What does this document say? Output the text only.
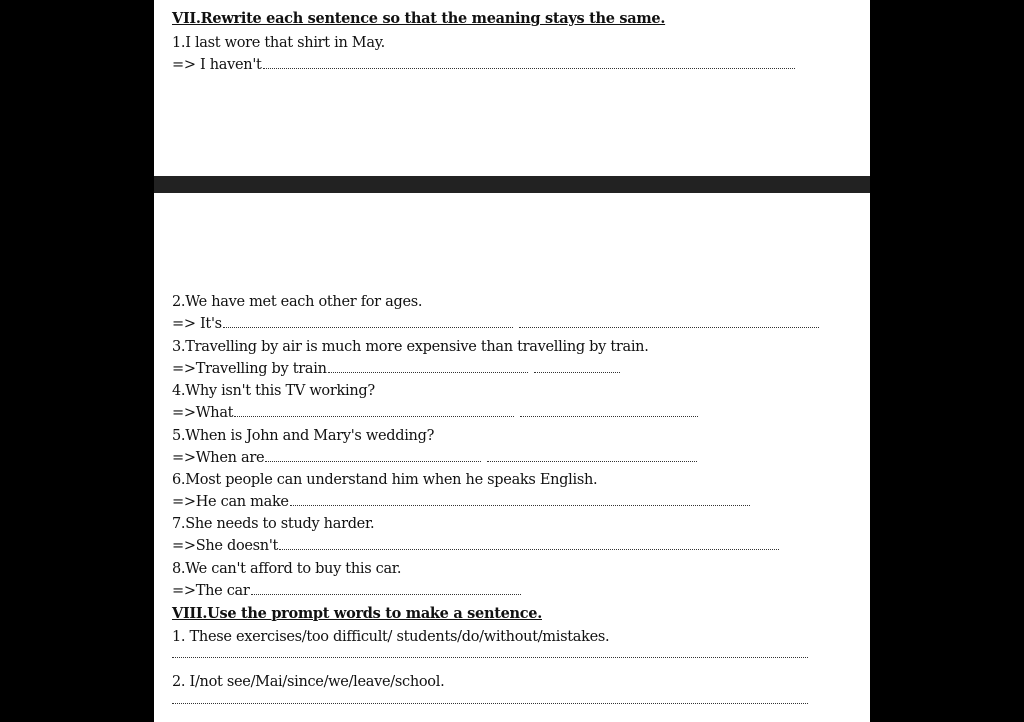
VII.Rewrite each sentence so that the meaning stays the same.
1.I last wore that shirt in May.
=> I haven't
2.We have met each other for ages.
=> It's
3.Travelling by air is much more expensive than travelling by train.
=>Travelling by train
4.Why isn't this TV working?
=>What
5.When is John and Mary's wedding?
=>When are
6.Most people can understand him when he speaks English.
=>He can make
7.She needs to study harder.
=>She doesn't
8.We can't afford to buy this car.
=>The car
VIII.Use the prompt words to make a sentence.
1. These exercises/too difficult/ students/do/without/mistakes.
2. I/not see/Mai/since/we/leave/school.
